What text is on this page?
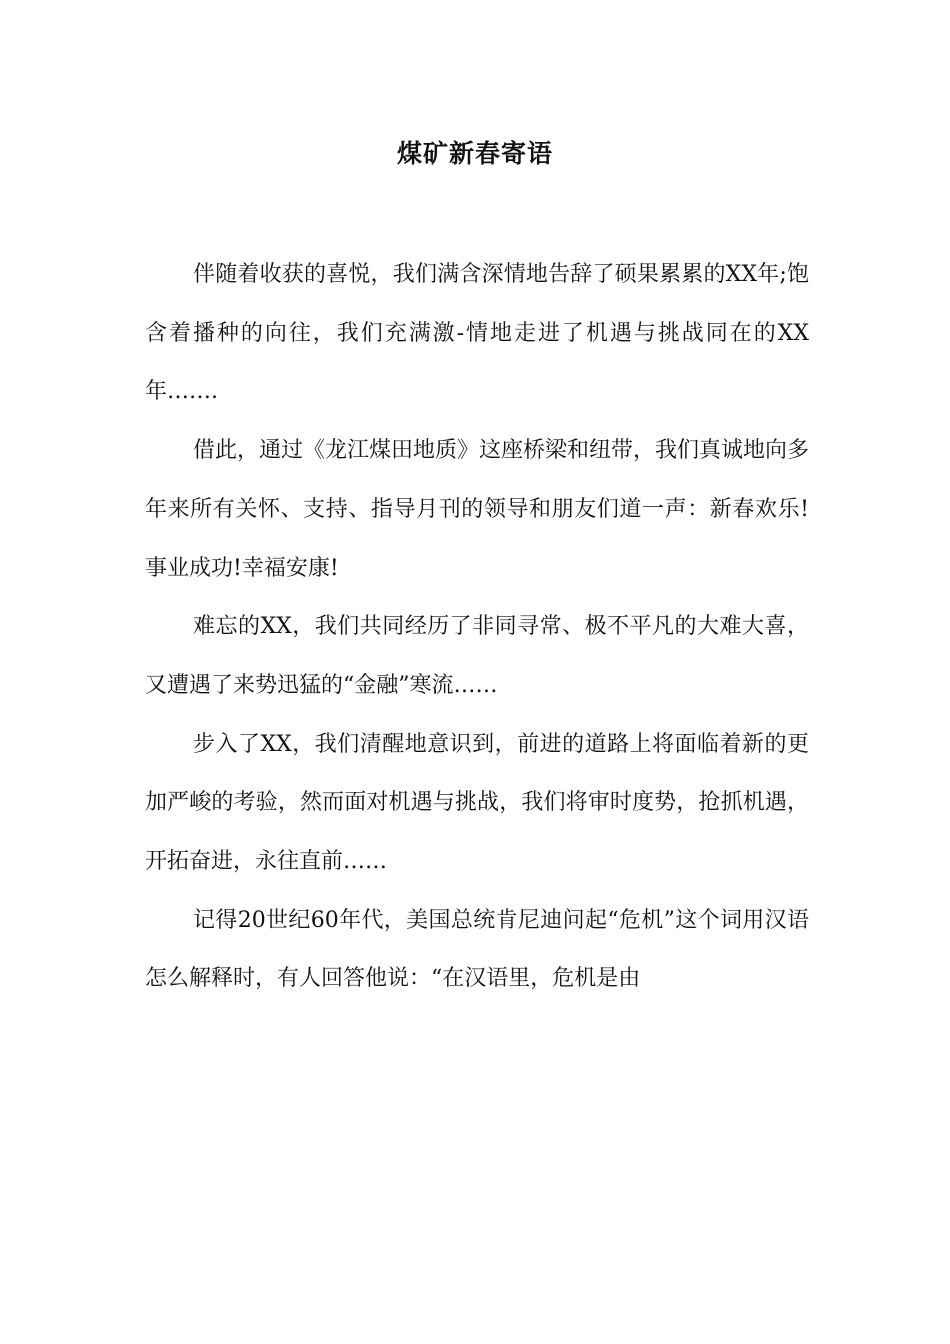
煤矿新春寄语

伴随着收获的喜悦，我们满含深情地告辞了硕果累累的XX年;饱含着播种的向往，我们充满激-情地走进了机遇与挑战同在的XX年…….

借此，通过《龙江煤田地质》这座桥梁和纽带，我们真诚地向多年来所有关怀、支持、指导月刊的领导和朋友们道一声：新春欢乐!事业成功!幸福安康!

难忘的XX，我们共同经历了非同寻常、极不平凡的大难大喜，又遭遇了来势迅猛的“金融”寒流……

步入了XX，我们清醒地意识到，前进的道路上将面临着新的更加严峻的考验，然而面对机遇与挑战，我们将审时度势，抢抓机遇，开拓奋进，永往直前……

记得20世纪60年代，美国总统肯尼迪问起“危机”这个词用汉语怎么解释时，有人回答他说：“在汉语里，危机是由
